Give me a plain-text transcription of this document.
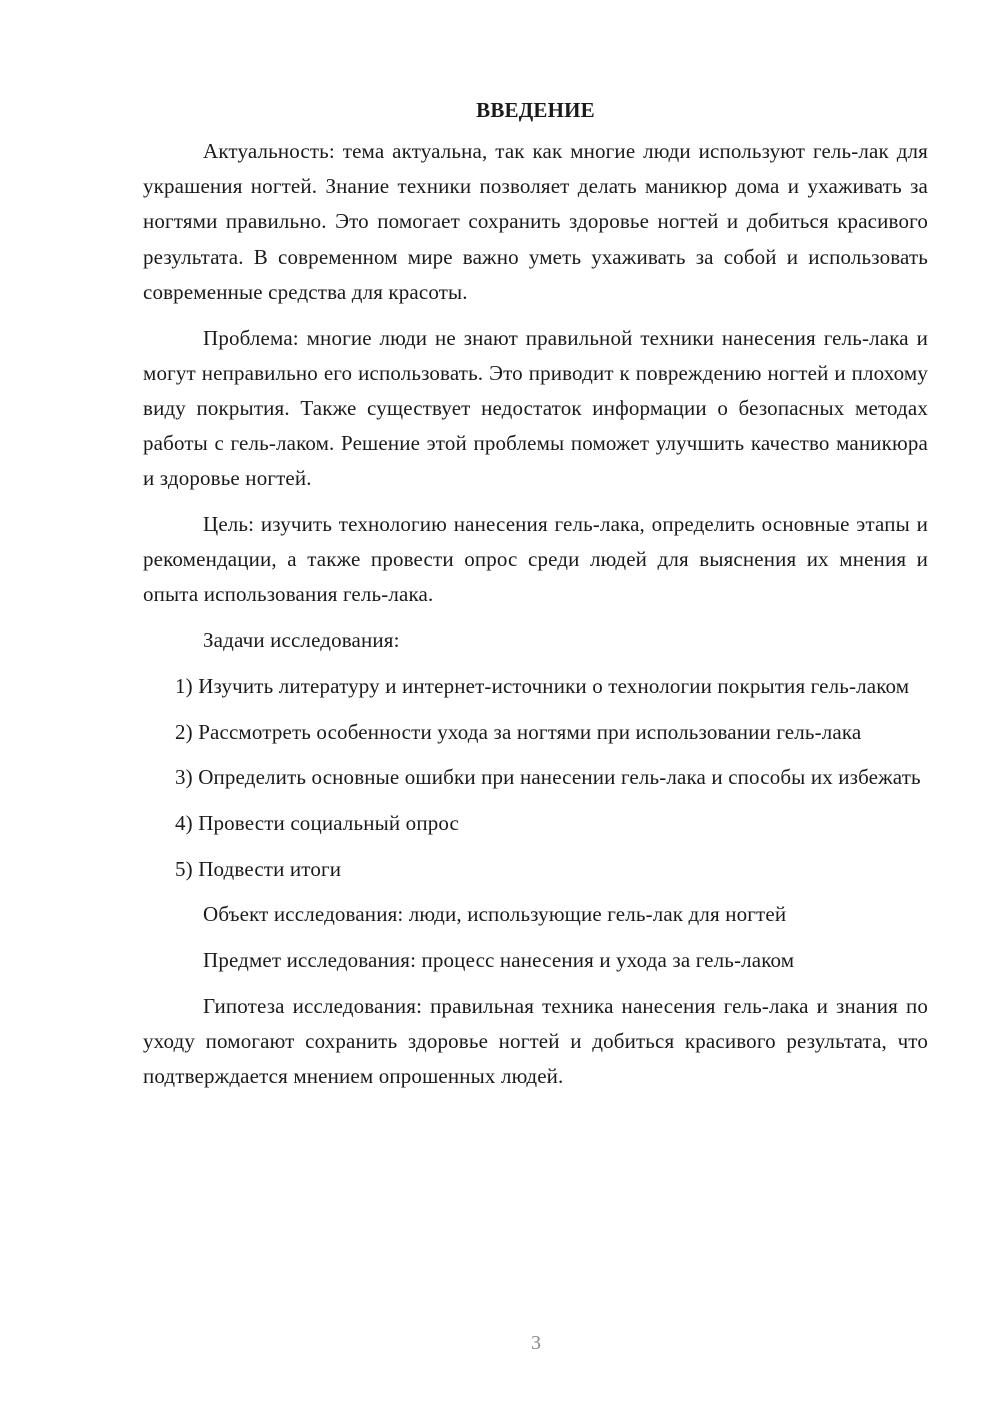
ВВЕДЕНИЕ

Актуальность: тема актуальна, так как многие люди используют гель-лак для украшения ногтей. Знание техники позволяет делать маникюр дома и ухаживать за ногтями правильно. Это помогает сохранить здоровье ногтей и добиться красивого результата. В современном мире важно уметь ухаживать за собой и использовать современные средства для красоты.

Проблема: многие люди не знают правильной техники нанесения гель-лака и могут неправильно его использовать. Это приводит к повреждению ногтей и плохому виду покрытия. Также существует недостаток информации о безопасных методах работы с гель-лаком. Решение этой проблемы поможет улучшить качество маникюра и здоровье ногтей.

Цель: изучить технологию нанесения гель-лака, определить основные этапы и рекомендации, а также провести опрос среди людей для выяснения их мнения и опыта использования гель-лака.

Задачи исследования:

1) Изучить литературу и интернет-источники о технологии покрытия гель-лаком

2) Рассмотреть особенности ухода за ногтями при использовании гель-лака

3) Определить основные ошибки при нанесении гель-лака и способы их избежать

4) Провести социальный опрос

5) Подвести итоги

Объект исследования: люди, использующие гель-лак для ногтей

Предмет исследования: процесс нанесения и ухода за гель-лаком

Гипотеза исследования: правильная техника нанесения гель-лака и знания по уходу помогают сохранить здоровье ногтей и добиться красивого результата, что подтверждается мнением опрошенных людей.

3
